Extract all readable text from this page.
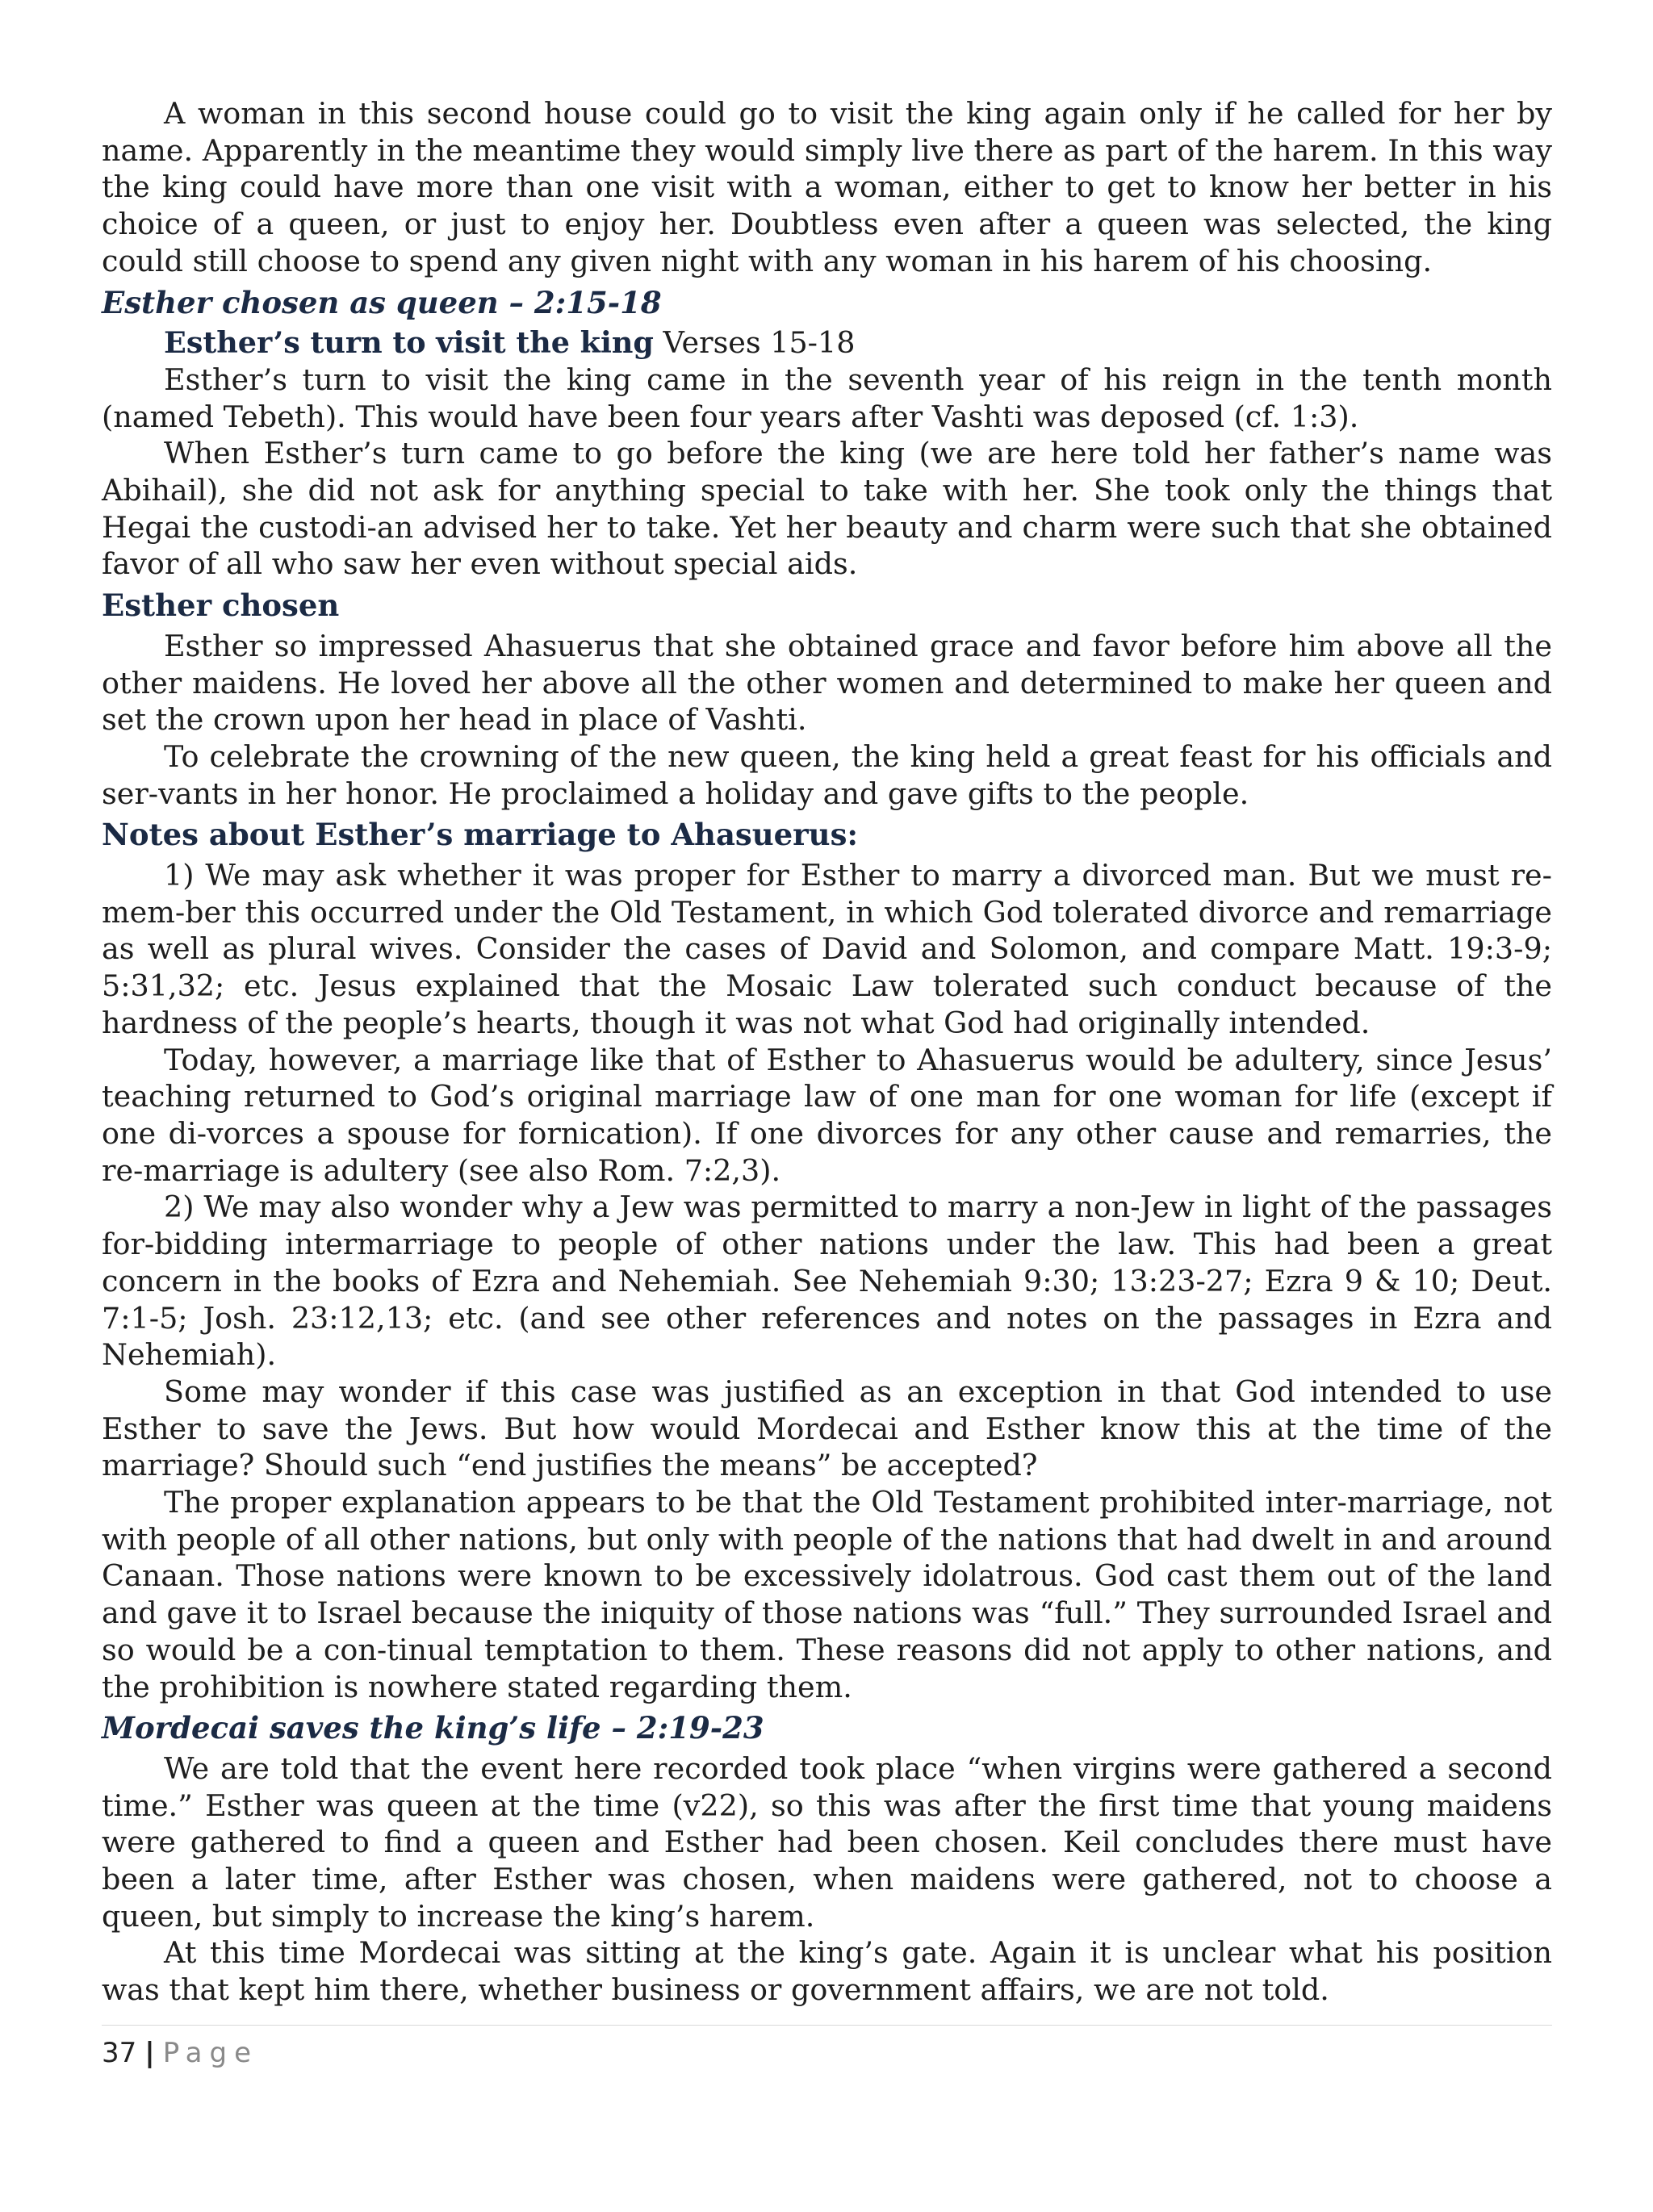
A woman in this second house could go to visit the king again only if he called for her by name. Apparently in the meantime they would simply live there as part of the harem. In this way the king could have more than one visit with a woman, either to get to know her better in his choice of a queen, or just to enjoy her. Doubtless even after a queen was selected, the king could still choose to spend any given night with any woman in his harem of his choosing.

Esther chosen as queen – 2:15-18

Esther’s turn to visit the king Verses 15-18

Esther’s turn to visit the king came in the seventh year of his reign in the tenth month (named Tebeth). This would have been four years after Vashti was deposed (cf. 1:3).

When Esther’s turn came to go before the king (we are here told her father’s name was Abihail), she did not ask for anything special to take with her. She took only the things that Hegai the custodi-an advised her to take. Yet her beauty and charm were such that she obtained favor of all who saw her even without special aids.

Esther chosen

Esther so impressed Ahasuerus that she obtained grace and favor before him above all the other maidens. He loved her above all the other women and determined to make her queen and set the crown upon her head in place of Vashti.

To celebrate the crowning of the new queen, the king held a great feast for his officials and ser-vants in her honor. He proclaimed a holiday and gave gifts to the people.

Notes about Esther’s marriage to Ahasuerus:

1) We may ask whether it was proper for Esther to marry a divorced man. But we must re-mem-ber this occurred under the Old Testament, in which God tolerated divorce and remarriage as well as plural wives. Consider the cases of David and Solomon, and compare Matt. 19:3-9; 5:31,32; etc. Jesus explained that the Mosaic Law tolerated such conduct because of the hardness of the people’s hearts, though it was not what God had originally intended.

Today, however, a marriage like that of Esther to Ahasuerus would be adultery, since Jesus’ teaching returned to God’s original marriage law of one man for one woman for life (except if one di-vorces a spouse for fornication). If one divorces for any other cause and remarries, the re-marriage is adultery (see also Rom. 7:2,3).

2) We may also wonder why a Jew was permitted to marry a non-Jew in light of the passages for-bidding intermarriage to people of other nations under the law. This had been a great concern in the books of Ezra and Nehemiah. See Nehemiah 9:30; 13:23-27; Ezra 9 & 10; Deut. 7:1-5; Josh. 23:12,13; etc. (and see other references and notes on the passages in Ezra and Nehemiah).

Some may wonder if this case was justified as an exception in that God intended to use Esther to save the Jews. But how would Mordecai and Esther know this at the time of the marriage? Should such “end justifies the means” be accepted?

The proper explanation appears to be that the Old Testament prohibited inter-marriage, not with people of all other nations, but only with people of the nations that had dwelt in and around Canaan. Those nations were known to be excessively idolatrous. God cast them out of the land and gave it to Israel because the iniquity of those nations was “full.” They surrounded Israel and so would be a con-tinual temptation to them. These reasons did not apply to other nations, and the prohibition is nowhere stated regarding them.

Mordecai saves the king’s life – 2:19-23

We are told that the event here recorded took place “when virgins were gathered a second time.” Esther was queen at the time (v22), so this was after the first time that young maidens were gathered to find a queen and Esther had been chosen. Keil concludes there must have been a later time, after Esther was chosen, when maidens were gathered, not to choose a queen, but simply to increase the king’s harem.

At this time Mordecai was sitting at the king’s gate. Again it is unclear what his position was that kept him there, whether business or government affairs, we are not told.

37 | Page
